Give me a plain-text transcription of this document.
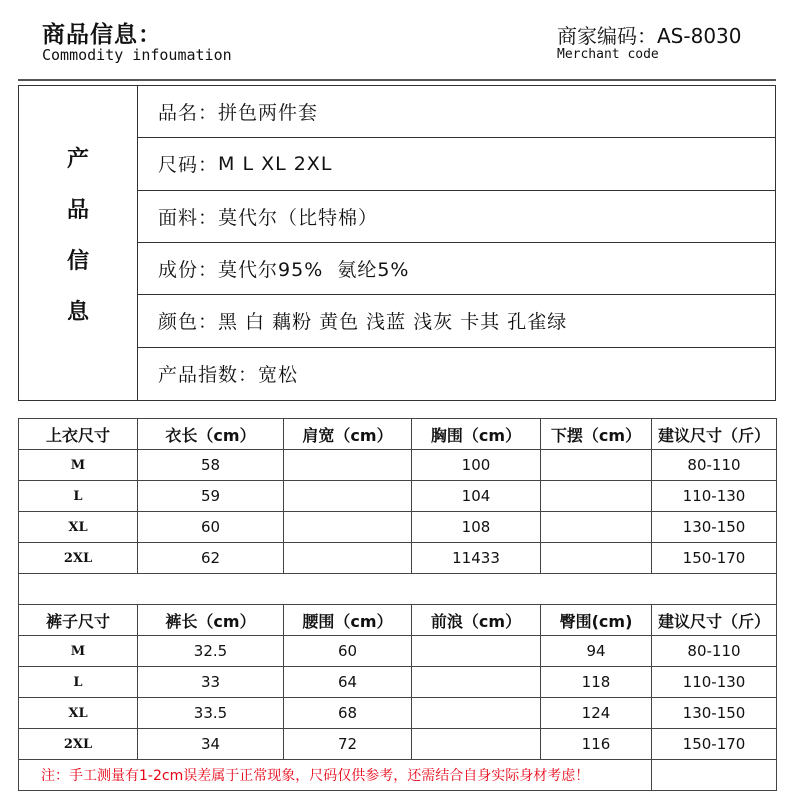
商品信息：
Commodity infoumation
商家编码：AS-8030
Merchant code
产
品
信
息
品名： 拼色两件套
尺码： M L XL 2XL
面料： 莫代尔（比特棉）
成份： 莫代尔95%  氨纶5%
颜色： 黑 白 藕粉 黄色 浅蓝 浅灰 卡其 孔雀绿
产品指数： 宽松
上衣尺寸	衣长（cm）	肩宽（cm）	胸围（cm）	下摆（cm）	建议尺寸（斤）
M	58		100		80-110
L	59		104		110-130
XL	60		108		130-150
2XL	62		11433		150-170

裤子尺寸	裤长（cm）	腰围（cm）	前浪（cm）	臀围(cm)	建议尺寸（斤）
M	32.5	60		94	80-110
L	33	64		118	110-130
XL	33.5	68		124	130-150
2XL	34	72		116	150-170
注：手工测量有1-2cm误差属于正常现象，尺码仅供参考，还需结合自身实际身材考虑！					
